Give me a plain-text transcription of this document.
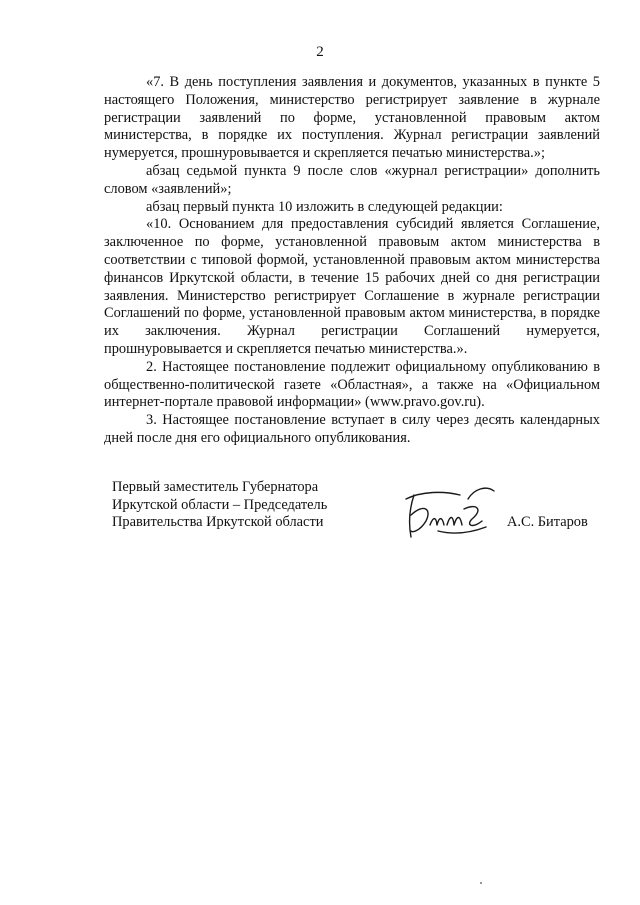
2

«7. В день поступления заявления и документов, указанных в пункте 5 настоящего Положения, министерство регистрирует заявление в журнале регистрации заявлений по форме, установленной правовым актом министерства, в порядке их поступления. Журнал регистрации заявлений нумеруется, прошнуровывается и скрепляется печатью министерства.»;

абзац седьмой пункта 9 после слов «журнал регистрации» дополнить словом «заявлений»;

абзац первый пункта 10 изложить в следующей редакции:

«10. Основанием для предоставления субсидий является Соглашение, заключенное по форме, установленной правовым актом министерства в соответствии с типовой формой, установленной правовым актом министерства финансов Иркутской области, в течение 15 рабочих дней со дня регистрации заявления. Министерство регистрирует Соглашение в журнале регистрации Соглашений по форме, установленной правовым актом министерства, в порядке их заключения. Журнал регистрации Соглашений нумеруется, прошнуровывается и скрепляется печатью министерства.».

2. Настоящее постановление подлежит официальному опубликованию в общественно-политической газете «Областная», а также на «Официальном интернет-портале правовой информации» (www.pravo.gov.ru).

3. Настоящее постановление вступает в силу через десять календарных дней после дня его официального опубликования.

Первый заместитель Губернатора
Иркутской области – Председатель
Правительства Иркутской области	А.С. Битаров
